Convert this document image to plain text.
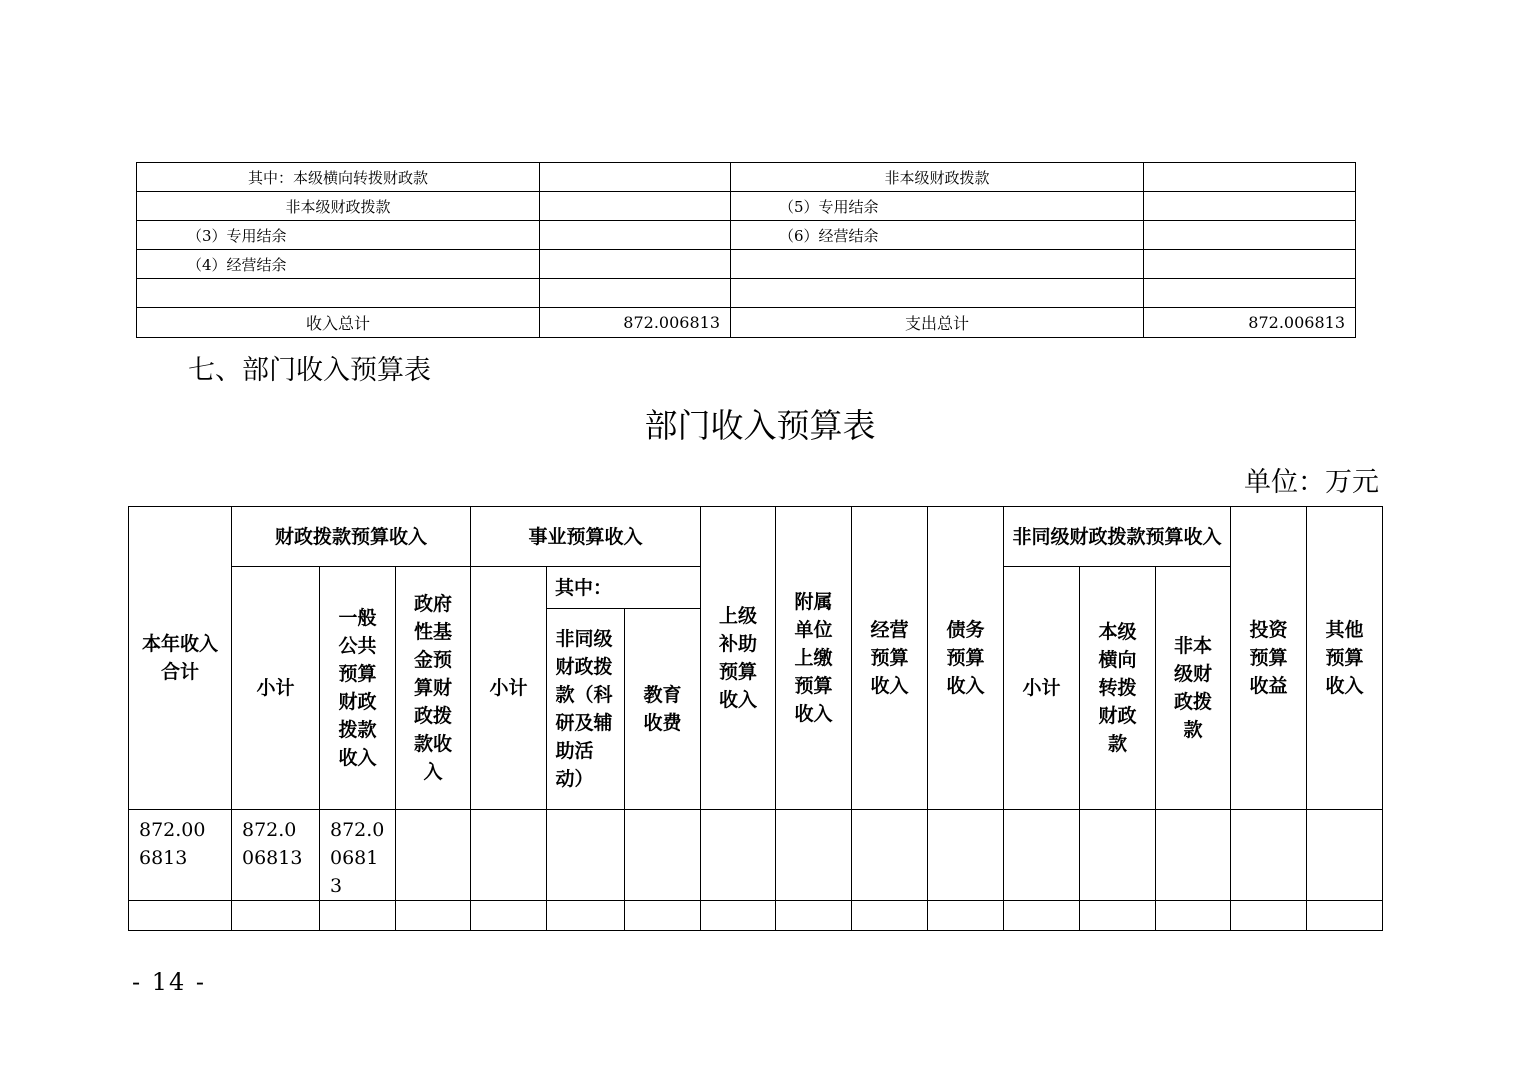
其中：本级横向转拨财政款		非本级财政拨款	
非本级财政拨款		（5）专用结余	
（3）专用结余		（6）经营结余	
（4）经营结余			

收入总计	872.006813	支出总计	872.006813
七、部门收入预算表
部门收入预算表
单位：万元
本年收入合计	财政拨款预算收入			事业预算收入			上级补助预算收入	附属单位上缴预算收入	经营预算收入	债务预算收入	非同级财政拨款预算收入			投资预算收益	其他预算收入
	小计	一般公共预算财政拨款收入	政府性基金预算财政拨款收入	小计	其中：						小计	本级横向转拨财政款	非本级财政拨款		
					非同级财政拨款（科研及辅助活动）	教育收费									
872.006813	872.006813	872.006813													

- 14 -
